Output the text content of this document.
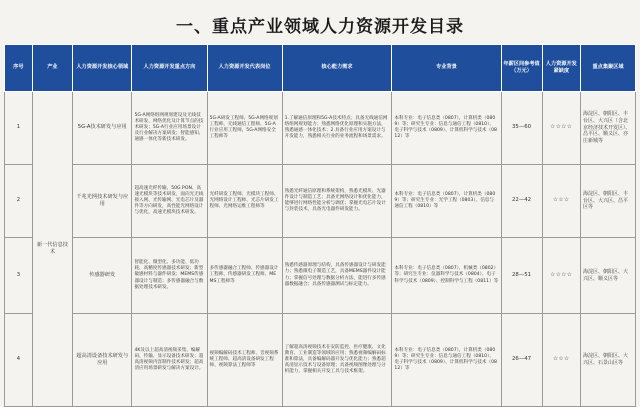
一、重点产业领域人力资源开发目录
序号	产业	人力资源开发核心领域	人力资源开发重点方向	人力资源开发代表岗位	核心能力需求	专业背景	年薪区间参考值（万元）	人力资源开发紧缺度	重点集聚区域
1	新一代信息技术	5G-A技术研发与应用	5G-A网络组网规划建设及无线技术研发、网络优化及计算节点的技术研发；5G-A行业应用场景设计及行业解决方案研发；智能感知、通感一体化等新技术研发。	5G-A研发工程师、5G-A网络规划工程师、无线通信工程师、5G-A行业应用工程师、5G-A网络安全工程师等	1.了解通信原理和5G-A技术特点；具备无线通信网络组网规划能力；熟悉网络优化原理和实施方法，熟悉通感一体化技术；2.具备行业应用方案设计与开发能力，熟悉相关行业的业务流程和场景需求。	本科专业：电子信息类（0807），计算机类（0809）等；研究生专业：信息与通信工程（0810）、电子科学与技术（0809）、计算机科学与技术（0812）等	35—60	☆☆☆☆	海淀区、朝阳区、丰台区、大兴区（含北京经济技术开发区）、昌平区、顺义区、亦庄新城等
2		千兆光网技术研发与应用	超高速光纤传输、50G PON、高速光模块等技术研发，面向光无线接入网、光传输网、光电芯片及器件等方向研发，高性能光网络设计与优化，高速光模块技术研发。	光纤研发工程师、光模块工程师、光网络设计工程师、光芯片研发工程师、光网络运维工程师等	熟悉光纤通信原理和系统架构，熟悉光模块、光器件设计与制造工艺；具备光网络设计和优化能力，能够进行网络性能分析与调优；掌握光电芯片设计与封装技术，具备光电器件研发能力。	本科专业：电子信息类（0807），计算机类（0809）等；研究生专业：光学工程（0803）、信息与通信工程（0810）等	22—42	☆☆☆	海淀区、朝阳区、丰台区、大兴区、昌平区等
3		传感器研发	智能化、微型化、多功能、低功耗、高精度传感器技术研发；新型敏感材料与器件研发；MEMS传感器设计与制造；多传感器融合与数据处理技术研发。	多传感器融合工程师、传感器设计工程师、传感器研发工程师、MEMS工程师等	熟悉传感器原理与结构，具备传感器设计与研发能力；熟悉微电子制造工艺，具备MEMS器件设计能力；掌握信号处理与数据分析方法，能进行多传感器数据融合；具备传感器测试与标定能力。	本科专业：电子信息类（0807），机械类（0802）等；研究生专业：仪器科学与技术（0804）、电子科学与技术（0809）、控制科学与工程（0811）等	28—51	☆☆☆☆	海淀区、朝阳区、大兴区、顺义区等
4		超高清设备技术研发与应用	4K及以上超高清视频采集、编解码、传输、显示设备技术研发；超高清视频内容制作技术研发；超高清应用场景研发与解决方案设计。	视频编解码技术工程师、音视频系统工程师、超高清设备研发工程师、视频算法工程师等	了解超高清视频技术在安防监控、医疗健康、文化教育、工业制造等领域的应用；熟悉视频编解码标准和算法，具备编解码器开发与优化能力；熟悉超高清显示技术与设备原理；具备视频图像处理与分析能力，掌握相关开发工具与技术框架。	本科专业：电子信息类（0807），计算机类（0809）等；研究生专业：信息与通信工程（0810）、电子科学与技术（0809）、计算机科学与技术（0812）等	26—47	☆☆☆	海淀区、朝阳区、大兴区、石景山区等
